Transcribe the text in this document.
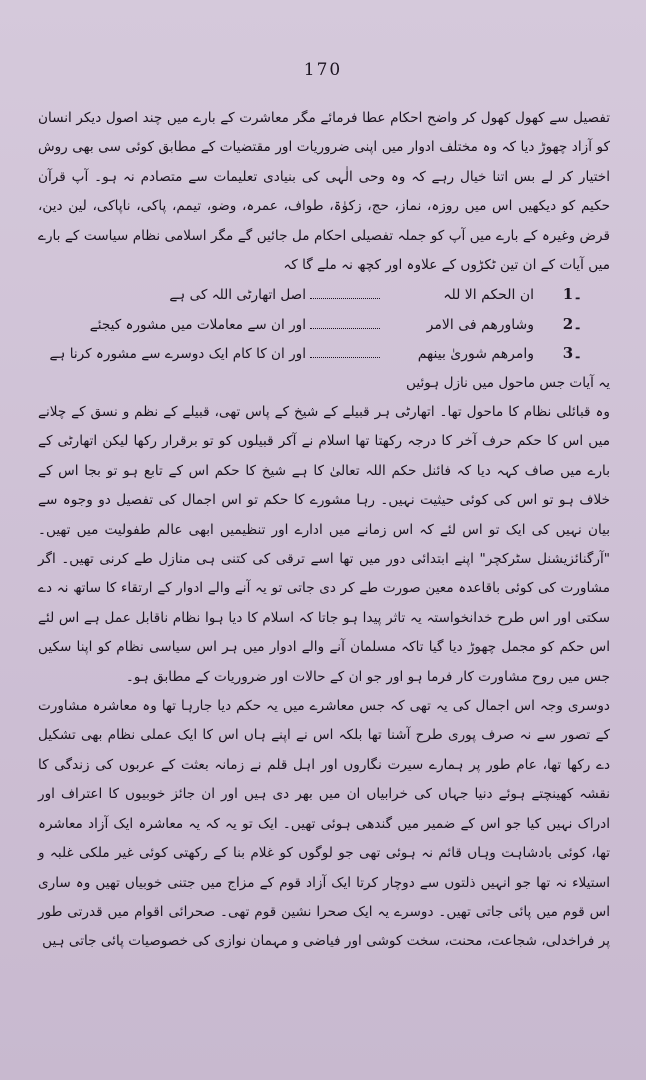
170

تفصیل سے کھول کھول کر واضح احکام عطا فرمائے مگر معاشرت کے بارے میں چند اصول دیکر انسان کو آزاد چھوڑ دیا کہ وہ مختلف ادوار میں اپنی ضروریات اور مقتضیات کے مطابق کوئی سی بھی روش اختیار کر لے بس اتنا خیال رہے کہ وہ وحی الٰہی کی بنیادی تعلیمات سے متصادم نہ ہو۔ آپ قرآن حکیم کو دیکھیں اس میں روزہ، نماز، حج، زکوٰۃ، طواف، عمرہ، وضو، تیمم، پاکی، ناپاکی، لین دین، قرض وغیرہ کے بارے میں آپ کو جملہ تفصیلی احکام مل جائیں گے مگر اسلامی نظام سیاست کے بارے میں آیات کے ان تین ٹکڑوں کے علاوہ اور کچھ نہ ملے گا کہ

1۔
ان الحکم الا للہ
اصل اتھارٹی اللہ کی ہے
2۔
وشاورھم فی الامر
اور ان سے معاملات میں مشورہ کیجئے
3۔
وامرھم شوریٰ بینھم
اور ان کا کام ایک دوسرے سے مشورہ کرنا ہے

یہ آیات جس ماحول میں نازل ہوئیں

وہ قبائلی نظام کا ماحول تھا۔ اتھارٹی ہر قبیلے کے شیخ کے پاس تھی، قبیلے کے نظم و نسق کے چلانے میں اس کا حکم حرف آخر کا درجہ رکھتا تھا اسلام نے آکر قبیلوں کو تو برقرار رکھا لیکن اتھارٹی کے بارے میں صاف کہہ دیا کہ فائنل حکم اللہ تعالیٰ کا ہے شیخ کا حکم اس کے تابع ہو تو بجا اس کے خلاف ہو تو اس کی کوئی حیثیت نہیں۔ رہا مشورے کا حکم تو اس اجمال کی تفصیل دو وجوہ سے بیان نہیں کی ایک تو اس لئے کہ اس زمانے میں ادارے اور تنظیمیں ابھی عالم طفولیت میں تھیں۔ "آرگنائزیشنل سٹرکچر" اپنے ابتدائی دور میں تھا اسے ترقی کی کتنی ہی منازل طے کرنی تھیں۔ اگر مشاورت کی کوئی باقاعدہ معین صورت طے کر دی جاتی تو یہ آنے والے ادوار کے ارتقاء کا ساتھ نہ دے سکتی اور اس طرح خدانخواستہ یہ تاثر پیدا ہو جاتا کہ اسلام کا دیا ہوا نظام ناقابل عمل ہے اس لئے اس حکم کو مجمل چھوڑ دیا گیا تاکہ مسلمان آنے والے ادوار میں ہر اس سیاسی نظام کو اپنا سکیں جس میں روح مشاورت کار فرما ہو اور جو ان کے حالات اور ضروریات کے مطابق ہو۔

دوسری وجہ اس اجمال کی یہ تھی کہ جس معاشرے میں یہ حکم دیا جارہا تھا وہ معاشرہ مشاورت کے تصور سے نہ صرف پوری طرح آشنا تھا بلکہ اس نے اپنے ہاں اس کا ایک عملی نظام بھی تشکیل دے رکھا تھا، عام طور پر ہمارے سیرت نگاروں اور اہل قلم نے زمانہ بعثت کے عربوں کی زندگی کا نقشہ کھینچتے ہوئے دنیا جہاں کی خرابیاں ان میں بھر دی ہیں اور ان جائز خوبیوں کا اعتراف اور ادراک نہیں کیا جو اس کے ضمیر میں گندھی ہوئی تھیں۔ ایک تو یہ کہ یہ معاشرہ ایک آزاد معاشرہ تھا، کوئی بادشاہت وہاں قائم نہ ہوئی تھی جو لوگوں کو غلام بنا کے رکھتی کوئی غیر ملکی غلبہ و استیلاء نہ تھا جو انہیں ذلتوں سے دوچار کرتا ایک آزاد قوم کے مزاج میں جتنی خوبیاں تھیں وہ ساری اس قوم میں پائی جاتی تھیں۔ دوسرے یہ ایک صحرا نشین قوم تھی۔ صحرائی اقوام میں قدرتی طور پر فراخدلی، شجاعت، محنت، سخت کوشی اور فیاضی و مہمان نوازی کی خصوصیات پائی جاتی ہیں
